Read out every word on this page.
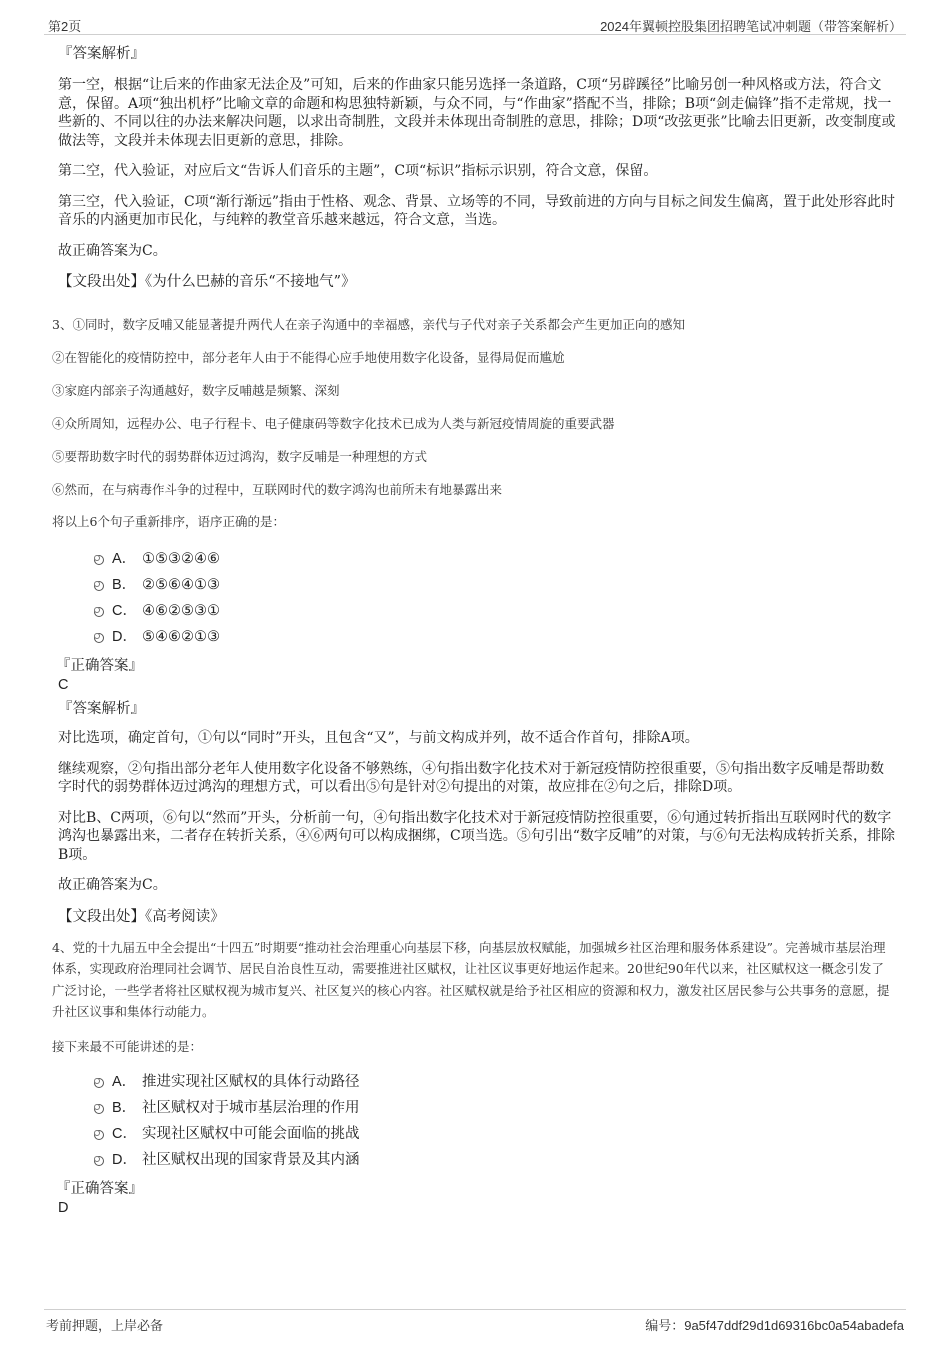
第2页	2024年翼顿控股集团招聘笔试冲刺题（带答案解析）
『答案解析』

第一空，根据“让后来的作曲家无法企及”可知，后来的作曲家只能另选择一条道路，C项“另辟蹊径”比喻另创一种风格或方法，符合文意，保留。A项“独出机杼”比喻文章的命题和构思独特新颖，与众不同，与“作曲家”搭配不当，排除；B项“剑走偏锋”指不走常规，找一些新的、不同以往的办法来解决问题，以求出奇制胜，文段并未体现出奇制胜的意思，排除；D项“改弦更张”比喻去旧更新，改变制度或做法等，文段并未体现去旧更新的意思，排除。

第二空，代入验证，对应后文“告诉人们音乐的主题”，C项“标识”指标示识别，符合文意，保留。

第三空，代入验证，C项“渐行渐远”指由于性格、观念、背景、立场等的不同，导致前进的方向与目标之间发生偏离，置于此处形容此时音乐的内涵更加市民化，与纯粹的教堂音乐越来越远，符合文意，当选。

故正确答案为C。

【文段出处】《为什么巴赫的音乐“不接地气”》

3、①同时，数字反哺又能显著提升两代人在亲子沟通中的幸福感，亲代与子代对亲子关系都会产生更加正向的感知

②在智能化的疫情防控中，部分老年人由于不能得心应手地使用数字化设备，显得局促而尴尬

③家庭内部亲子沟通越好，数字反哺越是频繁、深刻

④众所周知，远程办公、电子行程卡、电子健康码等数字化技术已成为人类与新冠疫情周旋的重要武器

⑤要帮助数字时代的弱势群体迈过鸿沟，数字反哺是一种理想的方式

⑥然而，在与病毒作斗争的过程中，互联网时代的数字鸿沟也前所未有地暴露出来

将以上6个句子重新排序，语序正确的是：

A． ①⑤③②④⑥
B． ②⑤⑥④①③
C． ④⑥②⑤③①
D． ⑤④⑥②①③
『正确答案』
C
『答案解析』

对比选项，确定首句，①句以“同时”开头，且包含“又”，与前文构成并列，故不适合作首句，排除A项。

继续观察，②句指出部分老年人使用数字化设备不够熟练，④句指出数字化技术对于新冠疫情防控很重要，⑤句指出数字反哺是帮助数字时代的弱势群体迈过鸿沟的理想方式，可以看出⑤句是针对②句提出的对策，故应排在②句之后，排除D项。

对比B、C两项，⑥句以“然而”开头，分析前一句，④句指出数字化技术对于新冠疫情防控很重要，⑥句通过转折指出互联网时代的数字鸿沟也暴露出来，二者存在转折关系，④⑥两句可以构成捆绑，C项当选。⑤句引出“数字反哺”的对策，与⑥句无法构成转折关系，排除B项。

故正确答案为C。

【文段出处】《高考阅读》

4、党的十九届五中全会提出“十四五”时期要“推动社会治理重心向基层下移，向基层放权赋能，加强城乡社区治理和服务体系建设”。完善城市基层治理体系，实现政府治理同社会调节、居民自治良性互动，需要推进社区赋权，让社区议事更好地运作起来。20世纪90年代以来，社区赋权这一概念引发了广泛讨论，一些学者将社区赋权视为城市复兴、社区复兴的核心内容。社区赋权就是给予社区相应的资源和权力，激发社区居民参与公共事务的意愿，提升社区议事和集体行动能力。

接下来最不可能讲述的是：

A． 推进实现社区赋权的具体行动路径
B． 社区赋权对于城市基层治理的作用
C． 实现社区赋权中可能会面临的挑战
D． 社区赋权出现的国家背景及其内涵
『正确答案』
D
考前押题，上岸必备	编号：9a5f47ddf29d1d69316bc0a54abadefa
